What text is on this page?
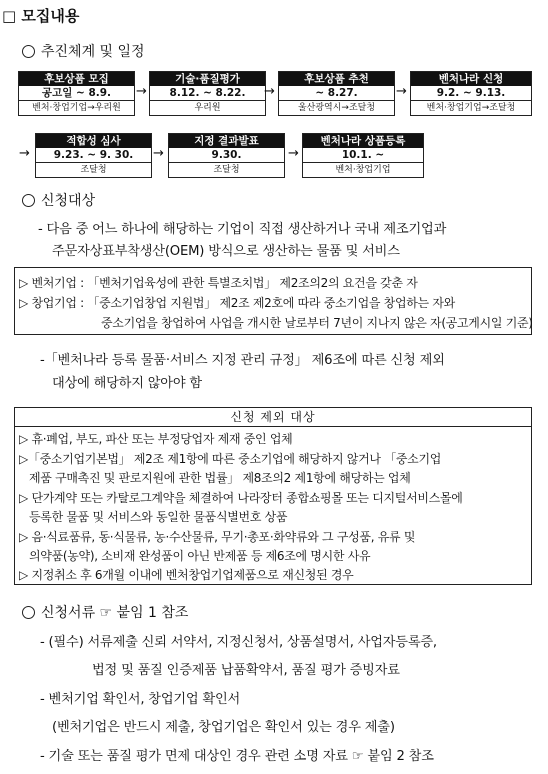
□ 모집내용
추진체계 및 일정
후보상품 모집
공고일 ~ 8.9.
벤처·창업기업→우리원
→
기술·품질평가
8.12. ~ 8.22.
우리원
→
후보상품 추천
~ 8.27.
울산광역시→조달청
→
벤처나라 신청
9.2. ~ 9.13.
벤처·창업기업→조달청
→
적합성 심사
9.23. ~ 9. 30.
조달청
→
지정 결과발표
9.30.
조달청
→
벤처나라 상품등록
10.1. ~
벤처·창업기업
신청대상
- 다음 중 어느 하나에 해당하는 기업이 직접 생산하거나 국내 제조기업과
주문자상표부착생산(OEM) 방식으로 생산하는 물품 및 서비스
▷ 벤처기업 : 「벤처기업육성에 관한 특별조치법」 제2조의2의 요건을 갖춘 자
▷ 창업기업 : 「중소기업창업 지원법」 제2조 제2호에 따라 중소기업을 창업하는 자와
중소기업을 창업하여 사업을 개시한 날로부터 7년이 지나지 않은 자(공고게시일 기준)
-「벤처나라 등록 물품·서비스 지정 관리 규정」 제6조에 따른 신청 제외
대상에 해당하지 않아야 함
신청 제외 대상
▷ 휴·폐업, 부도, 파산 또는 부정당업자 제재 중인 업체
▷「중소기업기본법」 제2조 제1항에 따른 중소기업에 해당하지 않거나 「중소기업
제품 구매촉진 및 판로지원에 관한 법률」 제8조의2 제1항에 해당하는 업체
▷ 단가계약 또는 카탈로그계약을 체결하여 나라장터 종합쇼핑몰 또는 디지털서비스몰에
등록한 물품 및 서비스와 동일한 물품식별번호 상품
▷ 음·식료품류, 동·식물류, 농·수산물류, 무기·총포·화약류와 그 구성품, 유류 및
의약품(농약), 소비재 완성품이 아닌 반제품 등 제6조에 명시한 사유
▷ 지정취소 후 6개월 이내에 벤처창업기업제품으로 재신청된 경우
신청서류 ☞ 붙임 1 참조
- (필수) 서류제출 신뢰 서약서, 지정신청서, 상품설명서, 사업자등록증,
법정 및 품질 인증제품 납품확약서, 품질 평가 증빙자료
- 벤처기업 확인서, 창업기업 확인서
(벤처기업은 반드시 제출, 창업기업은 확인서 있는 경우 제출)
- 기술 또는 품질 평가 면제 대상인 경우 관련 소명 자료 ☞ 붙임 2 참조
